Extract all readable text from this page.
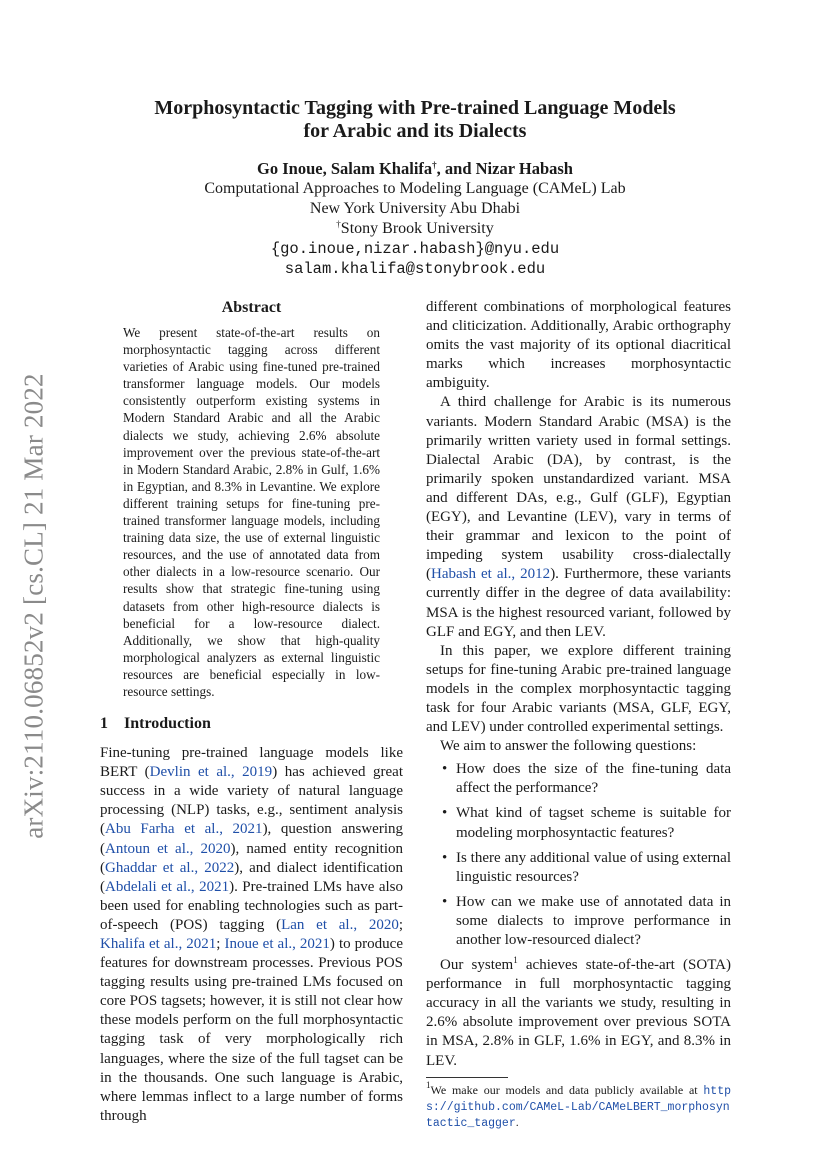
arXiv:2110.06852v2 [cs.CL] 21 Mar 2022
Morphosyntactic Tagging with Pre-trained Language Models
for Arabic and its Dialects
Go Inoue, Salam Khalifa†, and Nizar Habash
Computational Approaches to Modeling Language (CAMeL) Lab
New York University Abu Dhabi
†Stony Brook University
{go.inoue,nizar.habash}@nyu.edu
salam.khalifa@stonybrook.edu
Abstract

We present state-of-the-art results on morphosyntactic tagging across different varieties of Arabic using fine-tuned pre-trained transformer language models. Our models consistently outperform existing systems in Modern Standard Arabic and all the Arabic dialects we study, achieving 2.6% absolute improvement over the previous state-of-the-art in Modern Standard Arabic, 2.8% in Gulf, 1.6% in Egyptian, and 8.3% in Levantine. We explore different training setups for fine-tuning pre-trained transformer language models, including training data size, the use of external linguistic resources, and the use of annotated data from other dialects in a low-resource scenario. Our results show that strategic fine-tuning using datasets from other high-resource dialects is beneficial for a low-resource dialect. Additionally, we show that high-quality morphological analyzers as external linguistic resources are beneficial especially in low-resource settings.

1 Introduction

Fine-tuning pre-trained language models like BERT (Devlin et al., 2019) has achieved great success in a wide variety of natural language processing (NLP) tasks, e.g., sentiment analysis (Abu Farha et al., 2021), question answering (Antoun et al., 2020), named entity recognition (Ghaddar et al., 2022), and dialect identification (Abdelali et al., 2021). Pre-trained LMs have also been used for enabling technologies such as part-of-speech (POS) tagging (Lan et al., 2020; Khalifa et al., 2021; Inoue et al., 2021) to produce features for downstream processes. Previous POS tagging results using pre-trained LMs focused on core POS tagsets; however, it is still not clear how these models perform on the full morphosyntactic tagging task of very morphologically rich languages, where the size of the full tagset can be in the thousands. One such language is Arabic, where lemmas inflect to a large number of forms through

different combinations of morphological features and cliticization. Additionally, Arabic orthography omits the vast majority of its optional diacritical marks which increases morphosyntactic ambiguity.

A third challenge for Arabic is its numerous variants. Modern Standard Arabic (MSA) is the primarily written variety used in formal settings. Dialectal Arabic (DA), by contrast, is the primarily spoken unstandardized variant. MSA and different DAs, e.g., Gulf (GLF), Egyptian (EGY), and Levantine (LEV), vary in terms of their grammar and lexicon to the point of impeding system usability cross-dialectally (Habash et al., 2012). Furthermore, these variants currently differ in the degree of data availability: MSA is the highest resourced variant, followed by GLF and EGY, and then LEV.

In this paper, we explore different training setups for fine-tuning Arabic pre-trained language models in the complex morphosyntactic tagging task for four Arabic variants (MSA, GLF, EGY, and LEV) under controlled experimental settings.

We aim to answer the following questions:

• How does the size of the fine-tuning data affect the performance?
• What kind of tagset scheme is suitable for modeling morphosyntactic features?
• Is there any additional value of using external linguistic resources?
• How can we make use of annotated data in some dialects to improve performance in another low-resourced dialect?

Our system$^1$ achieves state-of-the-art (SOTA) performance in full morphosyntactic tagging accuracy in all the variants we study, resulting in 2.6% absolute improvement over previous SOTA in MSA, 2.8% in GLF, 1.6% in EGY, and 8.3% in LEV.

$^1$We make our models and data publicly available at https://github.com/CAMeL-Lab/CAMeLBERT_morphosyntactic_tagger.
